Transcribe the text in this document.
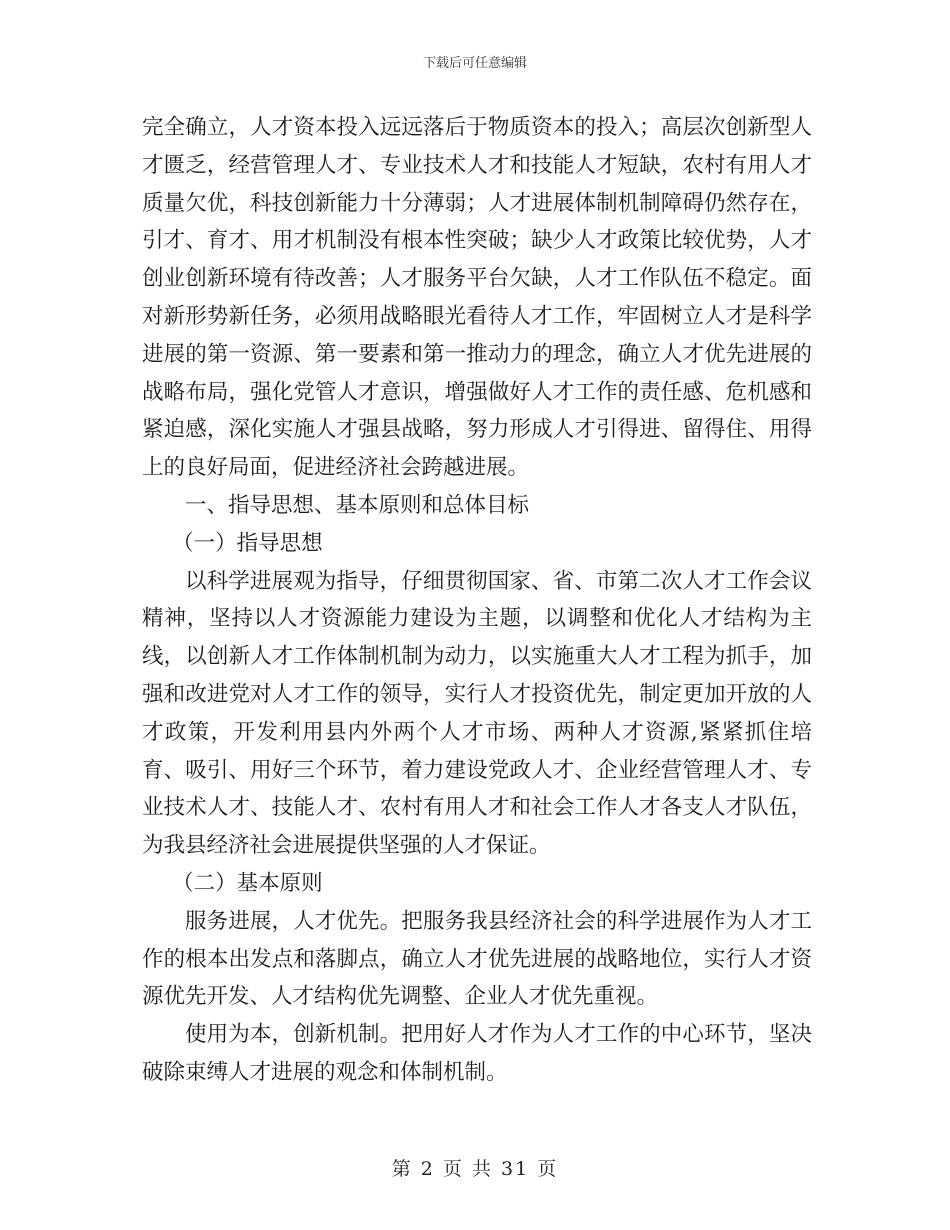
下载后可任意编辑

完全确立，人才资本投入远远落后于物质资本的投入；高层次创新型人才匮乏，经营管理人才、专业技术人才和技能人才短缺，农村有用人才质量欠优，科技创新能力十分薄弱；人才进展体制机制障碍仍然存在，引才、育才、用才机制没有根本性突破；缺少人才政策比较优势，人才创业创新环境有待改善；人才服务平台欠缺，人才工作队伍不稳定。面对新形势新任务，必须用战略眼光看待人才工作，牢固树立人才是科学进展的第一资源、第一要素和第一推动力的理念，确立人才优先进展的战略布局，强化党管人才意识，增强做好人才工作的责任感、危机感和紧迫感，深化实施人才强县战略，努力形成人才引得进、留得住、用得上的良好局面，促进经济社会跨越进展。

一、指导思想、基本原则和总体目标

（一）指导思想

以科学进展观为指导，仔细贯彻国家、省、市第二次人才工作会议精神，坚持以人才资源能力建设为主题，以调整和优化人才结构为主线，以创新人才工作体制机制为动力，以实施重大人才工程为抓手，加强和改进党对人才工作的领导，实行人才投资优先，制定更加开放的人才政策，开发利用县内外两个人才市场、两种人才资源,紧紧抓住培育、吸引、用好三个环节，着力建设党政人才、企业经营管理人才、专业技术人才、技能人才、农村有用人才和社会工作人才各支人才队伍，为我县经济社会进展提供坚强的人才保证。

（二）基本原则

服务进展，人才优先。把服务我县经济社会的科学进展作为人才工作的根本出发点和落脚点，确立人才优先进展的战略地位，实行人才资源优先开发、人才结构优先调整、企业人才优先重视。

使用为本，创新机制。把用好人才作为人才工作的中心环节，坚决破除束缚人才进展的观念和体制机制。

第 2 页 共 31 页
